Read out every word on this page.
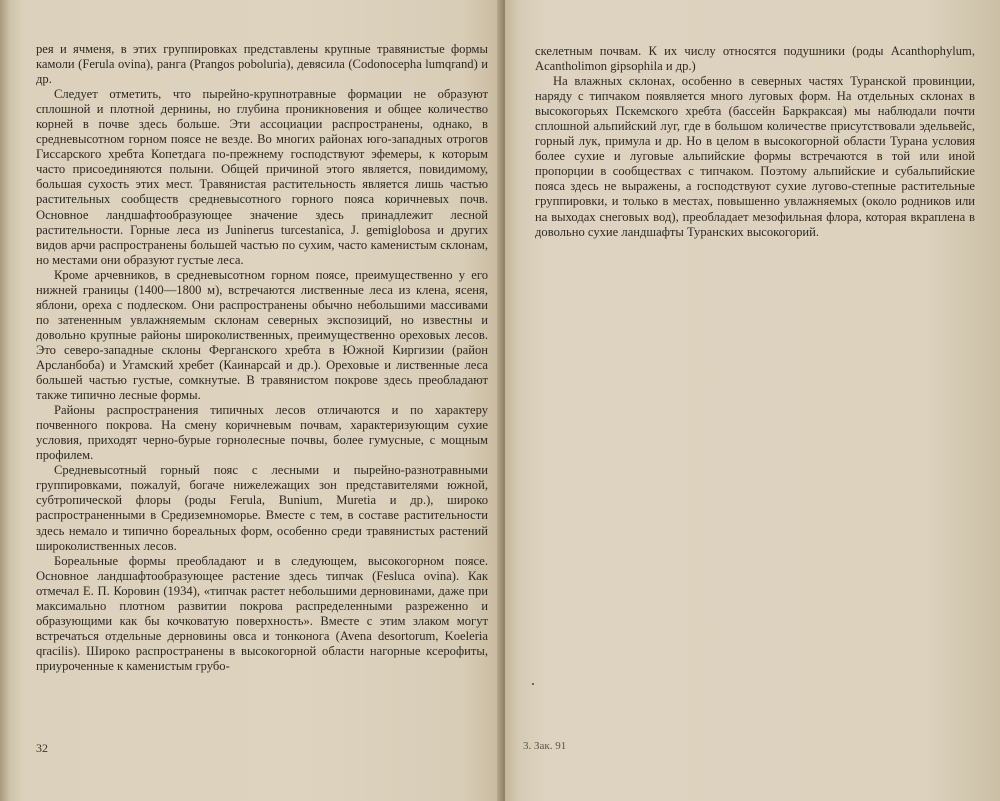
рея и ячменя, в этих группировках представлены крупные травянистые формы камоли (Ferula ovina), ранга (Prangos poboluria), девясила (Codonocepha lumqrand) и др.

Следует отметить, что пырейно-крупнотравные формации не образуют сплошной и плотной дернины, но глубина проникновения и общее количество корней в почве здесь больше. Эти ассоциации распространены, однако, в средневысотном горном поясе не везде. Во многих районах юго-западных отрогов Гиссарского хребта Копетдага по-прежнему господствуют эфемеры, к которым часто присоединяются полыни. Общей причиной этого является, повидимому, большая сухость этих мест. Травянистая растительность является лишь частью растительных сообществ средневысотного горного пояса коричневых почв. Основное ландшафтообразующее значение здесь принадлежит лесной растительности. Горные леса из Juninerus turcestanica, J. gemiglobosa и других видов арчи распространены большей частью по сухим, часто каменистым склонам, но местами они образуют густые леса.

Кроме арчевников, в средневысотном горном поясе, преимущественно у его нижней границы (1400—1800 м), встречаются лиственные леса из клена, ясеня, яблони, ореха с подлеском. Они распространены обычно небольшими массивами по затененным увлажняемым склонам северных экспозиций, но известны и довольно крупные районы широколиственных, преимущественно ореховых лесов. Это северо-западные склоны Ферганского хребта в Южной Киргизии (район Арсланбоба) и Угамский хребет (Каинарсай и др.). Ореховые и лиственные леса большей частью густые, сомкнутые. В травянистом покрове здесь преобладают также типично лесные формы.

Районы распространения типичных лесов отличаются и по характеру почвенного покрова. На смену коричневым почвам, характеризующим сухие условия, приходят черно-бурые горнолесные почвы, более гумусные, с мощным профилем.

Средневысотный горный пояс с лесными и пырейно-разнотравными группировками, пожалуй, богаче нижележащих зон представителями южной, субтропической флоры (роды Ferula, Bunium, Muretia и др.), широко распространенными в Средиземноморье. Вместе с тем, в составе растительности здесь немало и типично бореальных форм, особенно среди травянистых растений широколиственных лесов.

Бореальные формы преобладают и в следующем, высокогорном поясе. Основное ландшафтообразующее растение здесь типчак (Fesluca ovina). Как отмечал Е. П. Коровин (1934), «типчак растет небольшими дерновинами, даже при максимально плотном развитии покрова распределенными разреженно и образующими как бы кочковатую поверхность». Вместе с этим злаком могут встречаться отдельные дерновины овса и тонконога (Avena desortorum, Koeleria qracilis). Широко распространены в высокогорной области нагорные ксерофиты, приуроченные к каменистым грубо-

32

скелетным почвам. К их числу относятся подушники (роды Acanthophylum, Acantholimon gipsophila и др.)

На влажных склонах, особенно в северных частях Туранской провинции, наряду с типчаком появляется много луговых форм. На отдельных склонах в высокогорьях Пскемского хребта (бассейн Баркраксая) мы наблюдали почти сплошной альпийский луг, где в большом количестве присутствовали эдельвейс, горный лук, примула и др. Но в целом в высокогорной области Турана условия более сухие и луговые альпийские формы встречаются в той или иной пропорции в сообществах с типчаком. Поэтому альпийские и субальпийские пояса здесь не выражены, а господствуют сухие лугово-степные растительные группировки, и только в местах, повышенно увлажняемых (около родников или на выходах снеговых вод), преобладает мезофильная флора, которая вкраплена в довольно сухие ландшафты Туранских высокогорий.

3. Зак. 91
